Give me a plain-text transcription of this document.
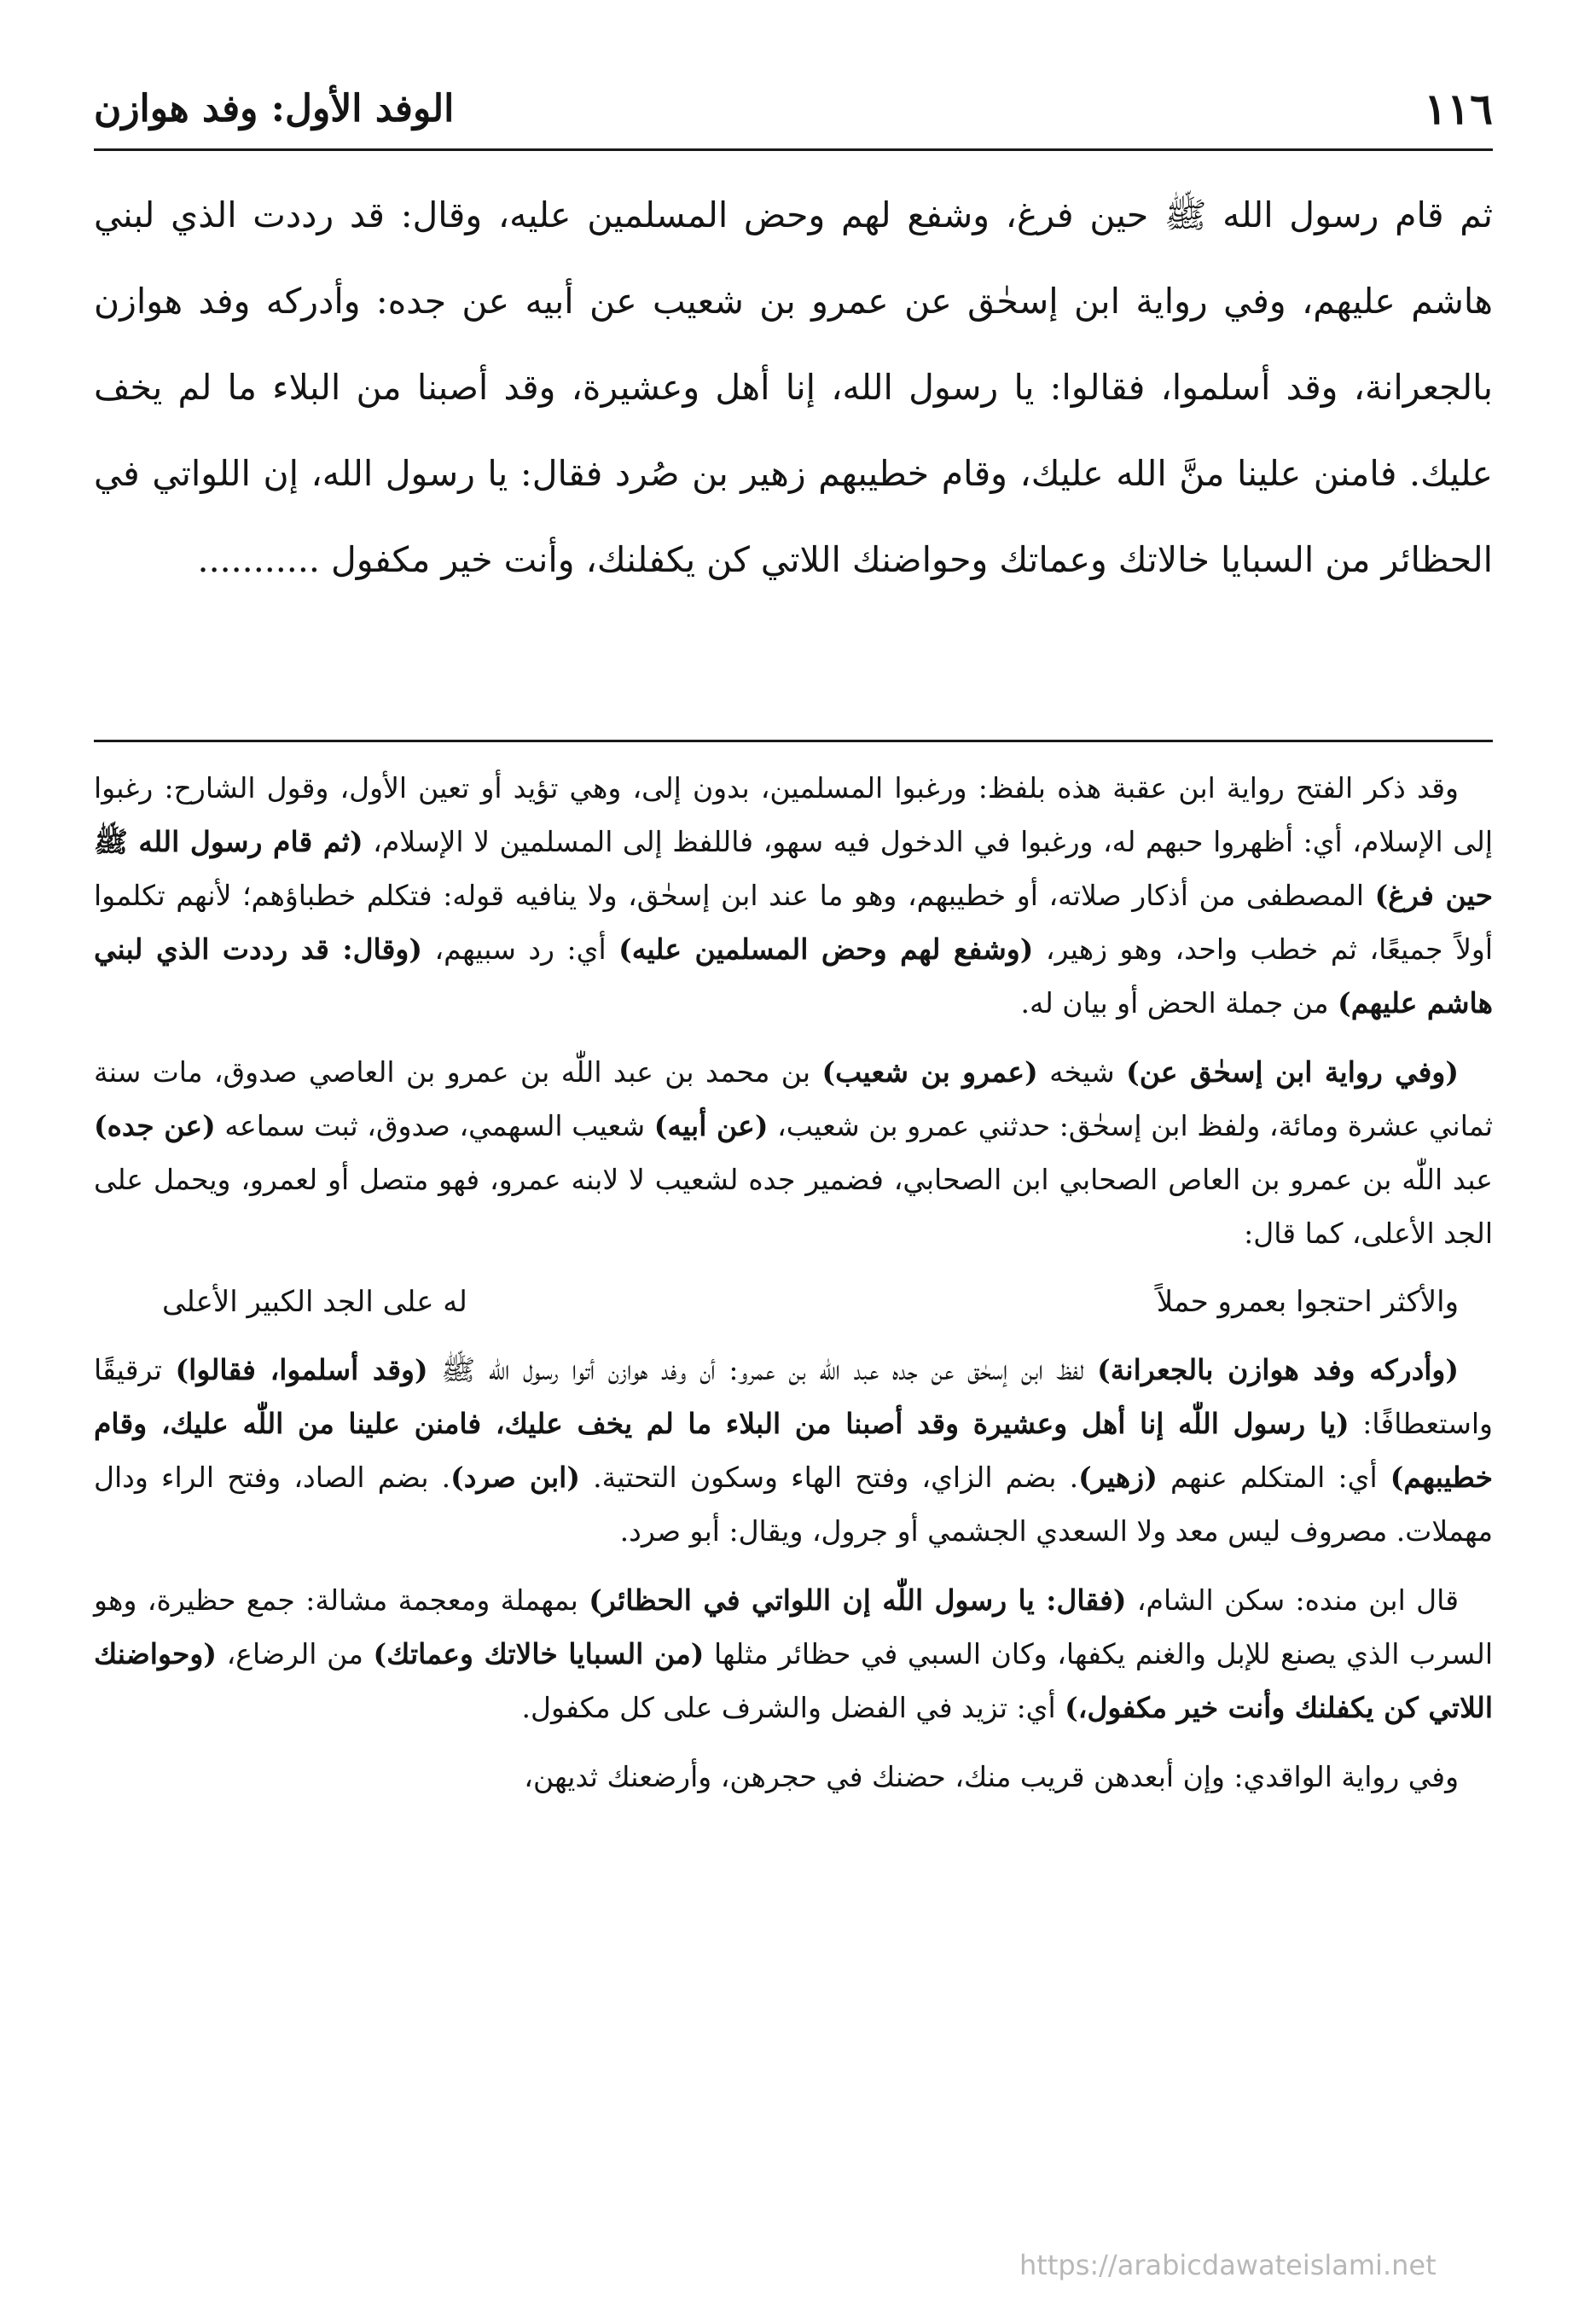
١١٦
الوفد الأول: وفد هوازن

ثم قام رسول الله ﷺ حين فرغ، وشفع لهم وحض المسلمين عليه، وقال: قد رددت الذي لبني هاشم عليهم، وفي رواية ابن إسحٰق عن عمرو بن شعيب عن أبيه عن جده: وأدركه وفد هوازن بالجعرانة، وقد أسلموا، فقالوا: يا رسول الله، إنا أهل وعشيرة، وقد أصبنا من البلاء ما لم يخف عليك. فامنن علينا منَّ الله عليك، وقام خطيبهم زهير بن صُرد فقال: يا رسول الله، إن اللواتي في الحظائر من السبايا خالاتك وعماتك وحواضنك اللاتي كن يكفلنك، وأنت خير مكفول ...........

وقد ذكر الفتح رواية ابن عقبة هذه بلفظ: ورغبوا المسلمين، بدون إلى، وهي تؤيد أو تعين الأول، وقول الشارح: رغبوا إلى الإسلام، أي: أظهروا حبهم له، ورغبوا في الدخول فيه سهو، فاللفظ إلى المسلمين لا الإسلام، (ثم قام رسول الله ﷺ حين فرغ) المصطفى من أذكار صلاته، أو خطيبهم، وهو ما عند ابن إسحٰق، ولا ينافيه قوله: فتكلم خطباؤهم؛ لأنهم تكلموا أولاً جميعًا، ثم خطب واحد، وهو زهير، (وشفع لهم وحض المسلمين عليه) أي: رد سبيهم، (وقال: قد رددت الذي لبني هاشم عليهم) من جملة الحض أو بيان له.

(وفي رواية ابن إسحٰق عن) شيخه (عمرو بن شعيب) بن محمد بن عبد اللّٰه بن عمرو بن العاصي صدوق، مات سنة ثماني عشرة ومائة، ولفظ ابن إسحٰق: حدثني عمرو بن شعيب، (عن أبيه) شعيب السهمي، صدوق، ثبت سماعه (عن جده) عبد اللّٰه بن عمرو بن العاص الصحابي ابن الصحابي، فضمير جده لشعيب لا لابنه عمرو، فهو متصل أو لعمرو، ويحمل على الجد الأعلى، كما قال:

والأكثر احتجوا بعمرو حملاً
له على الجد الكبير الأعلى

(وأدركه وفد هوازن بالجعرانة) لفظ ابن إسحٰق عن جده عبد اللّٰه بن عمرو: أن وفد هوازن أتوا رسول اللّٰه ﷺ (وقد أسلموا، فقالوا) ترقيقًا واستعطافًا: (يا رسول اللّٰه إنا أهل وعشيرة وقد أصبنا من البلاء ما لم يخف عليك، فامنن علينا من اللّٰه عليك، وقام خطيبهم) أي: المتكلم عنهم (زهير). بضم الزاي، وفتح الهاء وسكون التحتية. (ابن صرد). بضم الصاد، وفتح الراء ودال مهملات. مصروف ليس معد ولا السعدي الجشمي أو جرول، ويقال: أبو صرد.

قال ابن منده: سكن الشام، (فقال: يا رسول اللّٰه إن اللواتي في الحظائر) بمهملة ومعجمة مشالة: جمع حظيرة، وهو السرب الذي يصنع للإبل والغنم يكفها، وكان السبي في حظائر مثلها (من السبايا خالاتك وعماتك) من الرضاع، (وحواضنك اللاتي كن يكفلنك وأنت خير مكفول،) أي: تزيد في الفضل والشرف على كل مكفول.

وفي رواية الواقدي: وإن أبعدهن قريب منك، حضنك في حجرهن، وأرضعنك ثديهن،

https://arabicdawateislami.net
